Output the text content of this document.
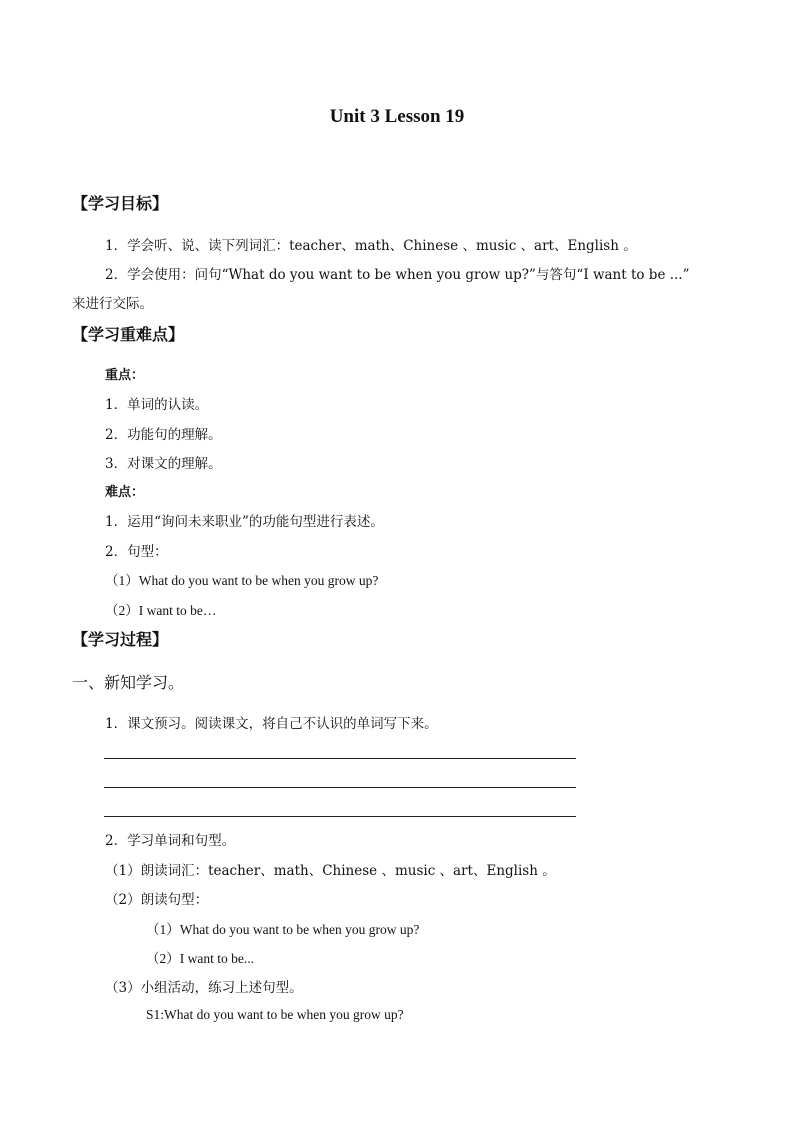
Unit 3 Lesson 19
【学习目标】
1．学会听、说、读下列词汇：teacher、math、Chinese 、music 、art、English 。
2．学会使用：问句“What do you want to be when you grow up?”与答句“I want to be ...”
来进行交际。
【学习重难点】
重点：
1．单词的认读。
2．功能句的理解。
3．对课文的理解。
难点：
1．运用“询问未来职业”的功能句型进行表述。
2．句型：
（1）What do you want to be when you grow up?
（2）I want to be…
【学习过程】
一、新知学习。
1．课文预习。阅读课文，将自己不认识的单词写下来。
2．学习单词和句型。
（1）朗读词汇：teacher、math、Chinese 、music 、art、English 。
（2）朗读句型：
（1）What do you want to be when you grow up?
（2）I want to be...
（3）小组活动，练习上述句型。
S1:What do you want to be when you grow up?
